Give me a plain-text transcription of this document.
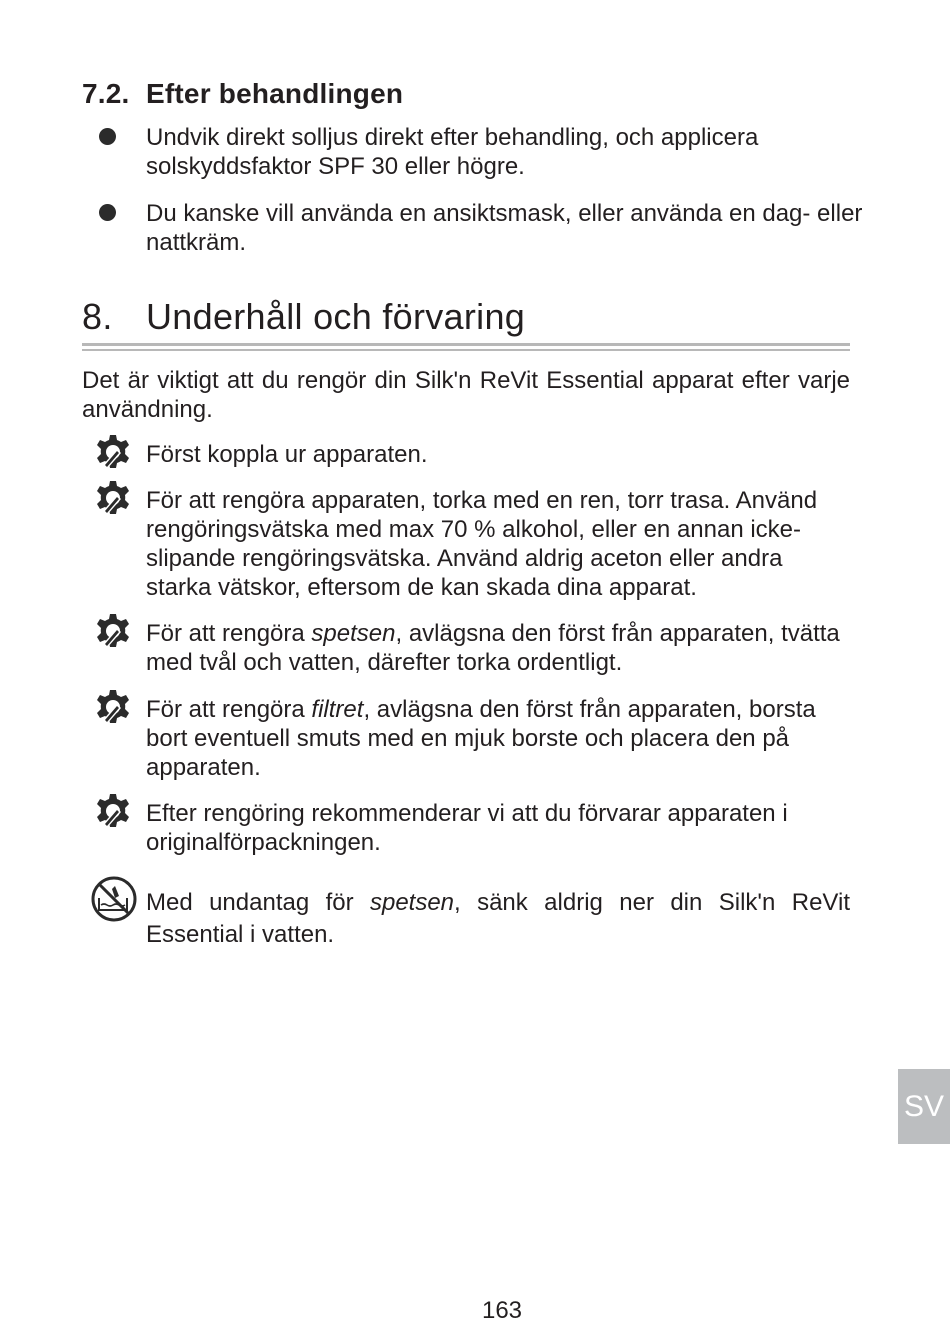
7.2. Efter behandlingen
Undvik direkt solljus direkt efter behandling, och applicera solskyddsfaktor SPF 30 eller högre.
Du kanske vill använda en ansiktsmask, eller använda en dag- eller nattkräm.
8. Underhåll och förvaring
Det är viktigt att du rengör din Silk'n ReVit Essential apparat efter varje användning.
Först koppla ur apparaten.
För att rengöra apparaten, torka med en ren, torr trasa. Använd rengöringsvätska med max 70 % alkohol, eller en annan icke-slipande rengöringsvätska. Använd aldrig aceton eller andra starka vätskor, eftersom de kan skada dina apparat.
För att rengöra spetsen, avlägsna den först från apparaten, tvätta med tvål och vatten, därefter torka ordentligt.
För att rengöra filtret, avlägsna den först från apparaten, borsta bort eventuell smuts med en mjuk borste och placera den på apparaten.
Efter rengöring rekommenderar vi att du förvarar apparaten i originalförpackningen.
Med undantag för spetsen, sänk aldrig ner din Silk'n ReVit Essential i vatten.
SV
163
